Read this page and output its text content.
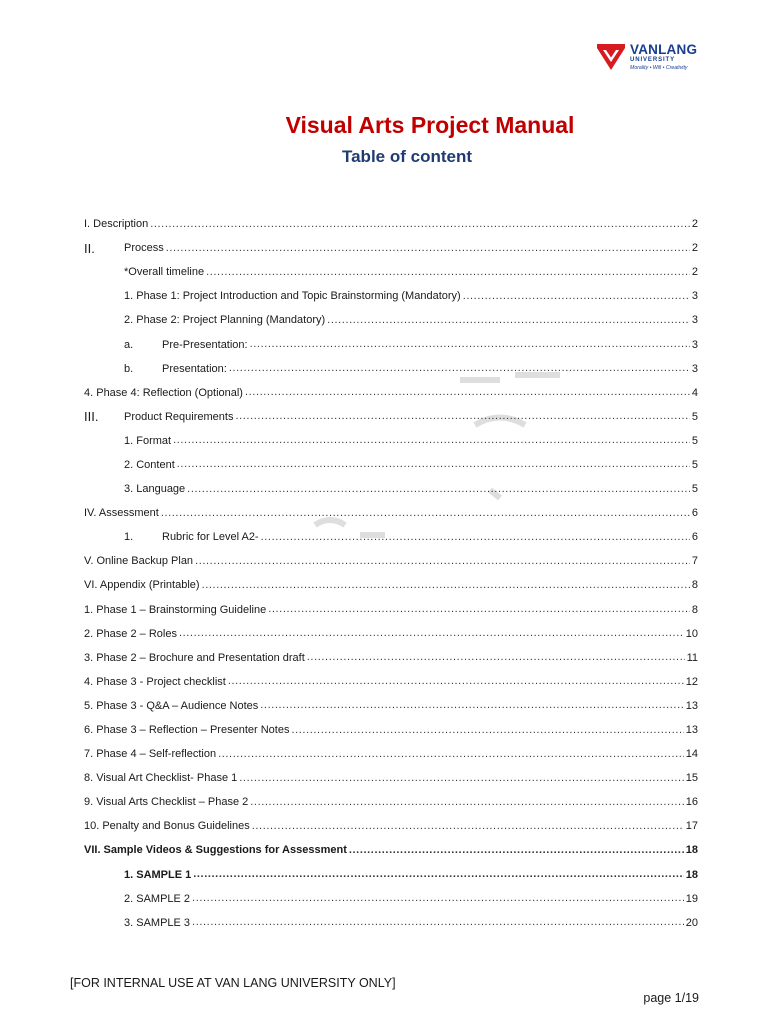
VANLANG
UNIVERSITY
Morality • Will • Creativity
Visual Arts Project Manual
Table of content
I. Description .....	2
II.	Process .....	2
*Overall timeline .....	2
1. Phase 1: Project Introduction and Topic Brainstorming (Mandatory) .....	3
2. Phase 2: Project Planning (Mandatory) .....	3
a.	Pre-Presentation: .....	3
b.	Presentation: .....	3
4. Phase 4: Reflection (Optional) .....	4
III.	Product Requirements .....	5
1. Format .....	5
2. Content .....	5
3. Language .....	5
IV. Assessment .....	6
1.	Rubric for Level A2- .....	6
V. Online Backup Plan .....	7
VI. Appendix (Printable) .....	8
1. Phase 1 – Brainstorming Guideline .....	8
2. Phase 2 – Roles .....	10
3. Phase 2 – Brochure and Presentation draft .....	11
4. Phase 3 - Project checklist .....	12
5. Phase 3 - Q&A – Audience Notes .....	13
6. Phase 3 – Reflection – Presenter Notes .....	13
7. Phase 4 – Self-reflection .....	14
8. Visual Art Checklist- Phase 1 .....	15
9. Visual Arts Checklist – Phase 2 .....	16
10. Penalty and Bonus Guidelines .....	17
VII. Sample Videos & Suggestions for Assessment .....	18
1. SAMPLE 1 .....	18
2. SAMPLE 2 .....	19
3. SAMPLE 3 .....	20
[FOR INTERNAL USE AT VAN LANG UNIVERSITY ONLY]
page 1/19
